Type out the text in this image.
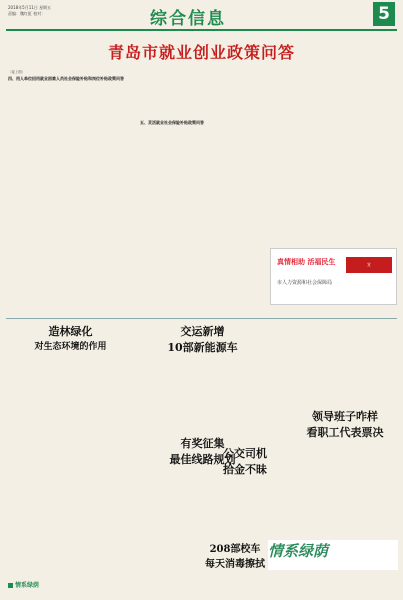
2018年5月11日 星期五
责编：魏红虹 校对：	综合信息	5
青岛市就业创业政策问答

（接上期）

四、用人单位招用就业困难人员社会保险补贴和岗位补贴政策问答

五、灵活就业社会保险补贴政策问答

真情相助 活福民生	宣
市人力资源和社会保障局
造林绿化
对生态环境的作用
交运新增
10部新能源车
有奖征集
最佳线路规划
公交司机
拾金不昧
领导班子咋样
看职工代表票决
208部校车
每天消毒擦拭
情系绿荫
情系绿荫
